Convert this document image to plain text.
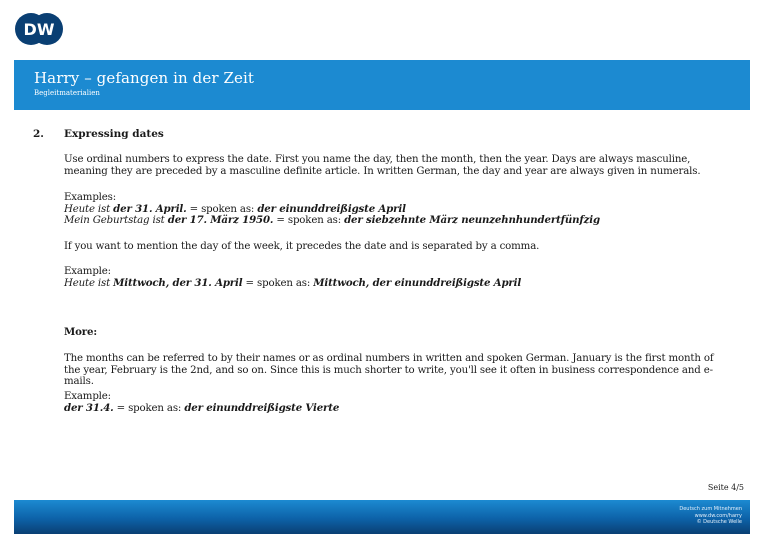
DW
Harry – gefangen in der Zeit
Begleitmaterialien
2. Expressing dates
Use ordinal numbers to express the date. First you name the day, then the month, then the year. Days are always masculine, meaning they are preceded by a masculine definite article. In written German, the day and year are always given in numerals.
Examples:
Heute ist der 31. April. = spoken as: der einunddreißigste April
Mein Geburtstag ist der 17. März 1950. = spoken as: der siebzehnte März neunzehnhundertfünfzig
If you want to mention the day of the week, it precedes the date and is separated by a comma.
Example:
Heute ist Mittwoch, der 31. April = spoken as: Mittwoch, der einunddreißigste April
More:
The months can be referred to by their names or as ordinal numbers in written and spoken German. January is the first month of the year, February is the 2nd, and so on. Since this is much shorter to write, you'll see it often in business correspondence and e-mails.
Example:
der 31.4. = spoken as: der einunddreißigste Vierte
Seite 4/5
Deutsch zum Mitnehmen
www.dw.com/harry
© Deutsche Welle
